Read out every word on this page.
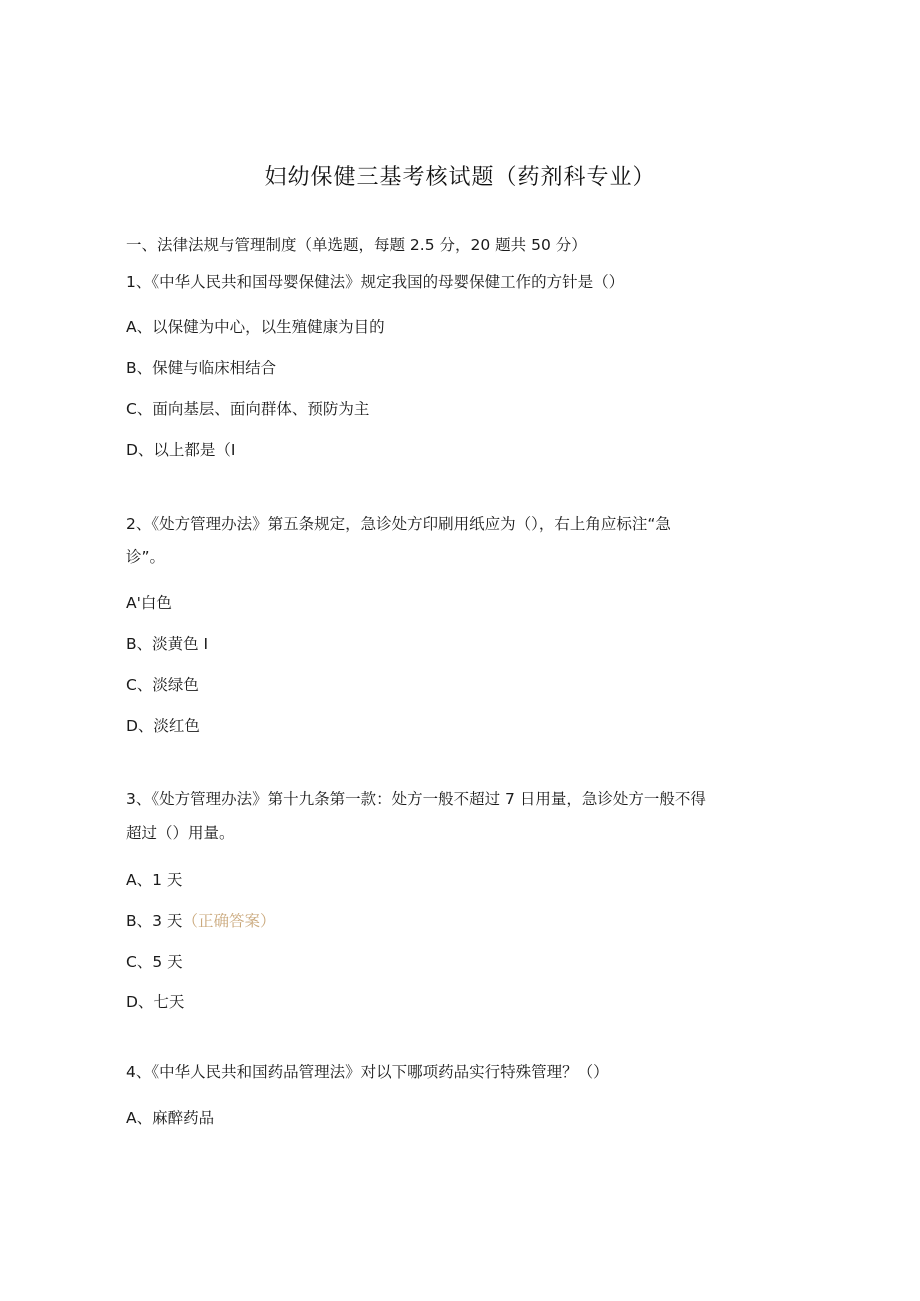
妇幼保健三基考核试题（药剂科专业）
一、法律法规与管理制度（单选题，每题 2.5 分，20 题共 50 分）
1、《中华人民共和国母婴保健法》规定我国的母婴保健工作的方针是（）
A、以保健为中心，以生殖健康为目的
B、保健与临床相结合
C、面向基层、面向群体、预防为主
D、以上都是（I
2、《处方管理办法》第五条规定，急诊处方印刷用纸应为（），右上角应标注“急
诊”。
A'白色
B、淡黄色 I
C、淡绿色
D、淡红色
3、《处方管理办法》第十九条第一款：处方一般不超过 7 日用量，急诊处方一般不得
超过（）用量。
A、1 天
B、3 天（正确答案）
C、5 天
D、七天
4、《中华人民共和国药品管理法》对以下哪项药品实行特殊管理？（）
A、麻醉药品
